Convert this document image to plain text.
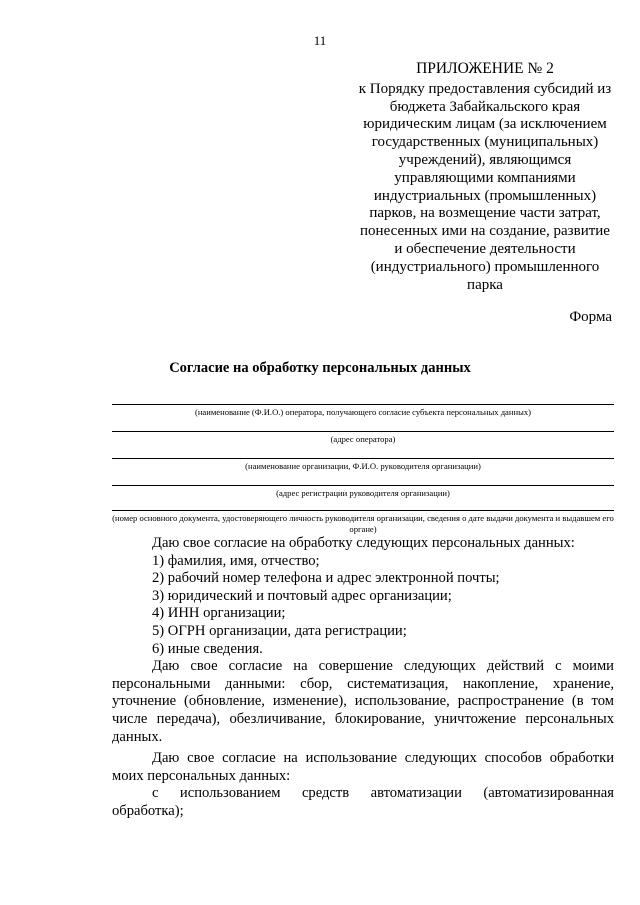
11
ПРИЛОЖЕНИЕ № 2
к Порядку предоставления субсидий из
бюджета Забайкальского края
юридическим лицам (за исключением
государственных (муниципальных)
учреждений), являющимся
управляющими компаниями
индустриальных (промышленных)
парков, на возмещение части затрат,
понесенных ими на создание, развитие
и обеспечение деятельности
(индустриального) промышленного
парка
Форма
Согласие на обработку персональных данных
(наименование (Ф.И.О.) оператора, получающего согласие субъекта персональных данных)
(адрес оператора)
(наименование организации, Ф.И.О. руководителя организации)
(адрес регистрации руководителя организации)
(номер основного документа, удостоверяющего личность руководителя организации, сведения о дате выдачи документа и выдавшем его органе)

Даю свое согласие на обработку следующих персональных данных:

1) фамилия, имя, отчество;

2) рабочий номер телефона и адрес электронной почты;

3) юридический и почтовый адрес организации;

4) ИНН организации;

5) ОГРН организации, дата регистрации;

6) иные сведения.

Даю свое согласие на совершение следующих действий с моими персональными данными: сбор, систематизация, накопление, хранение, уточнение (обновление, изменение), использование, распространение (в том числе передача), обезличивание, блокирование, уничтожение персональных данных.

Даю свое согласие на использование следующих способов обработки моих персональных данных:

с использованием средств автоматизации (автоматизированная

обработка);
